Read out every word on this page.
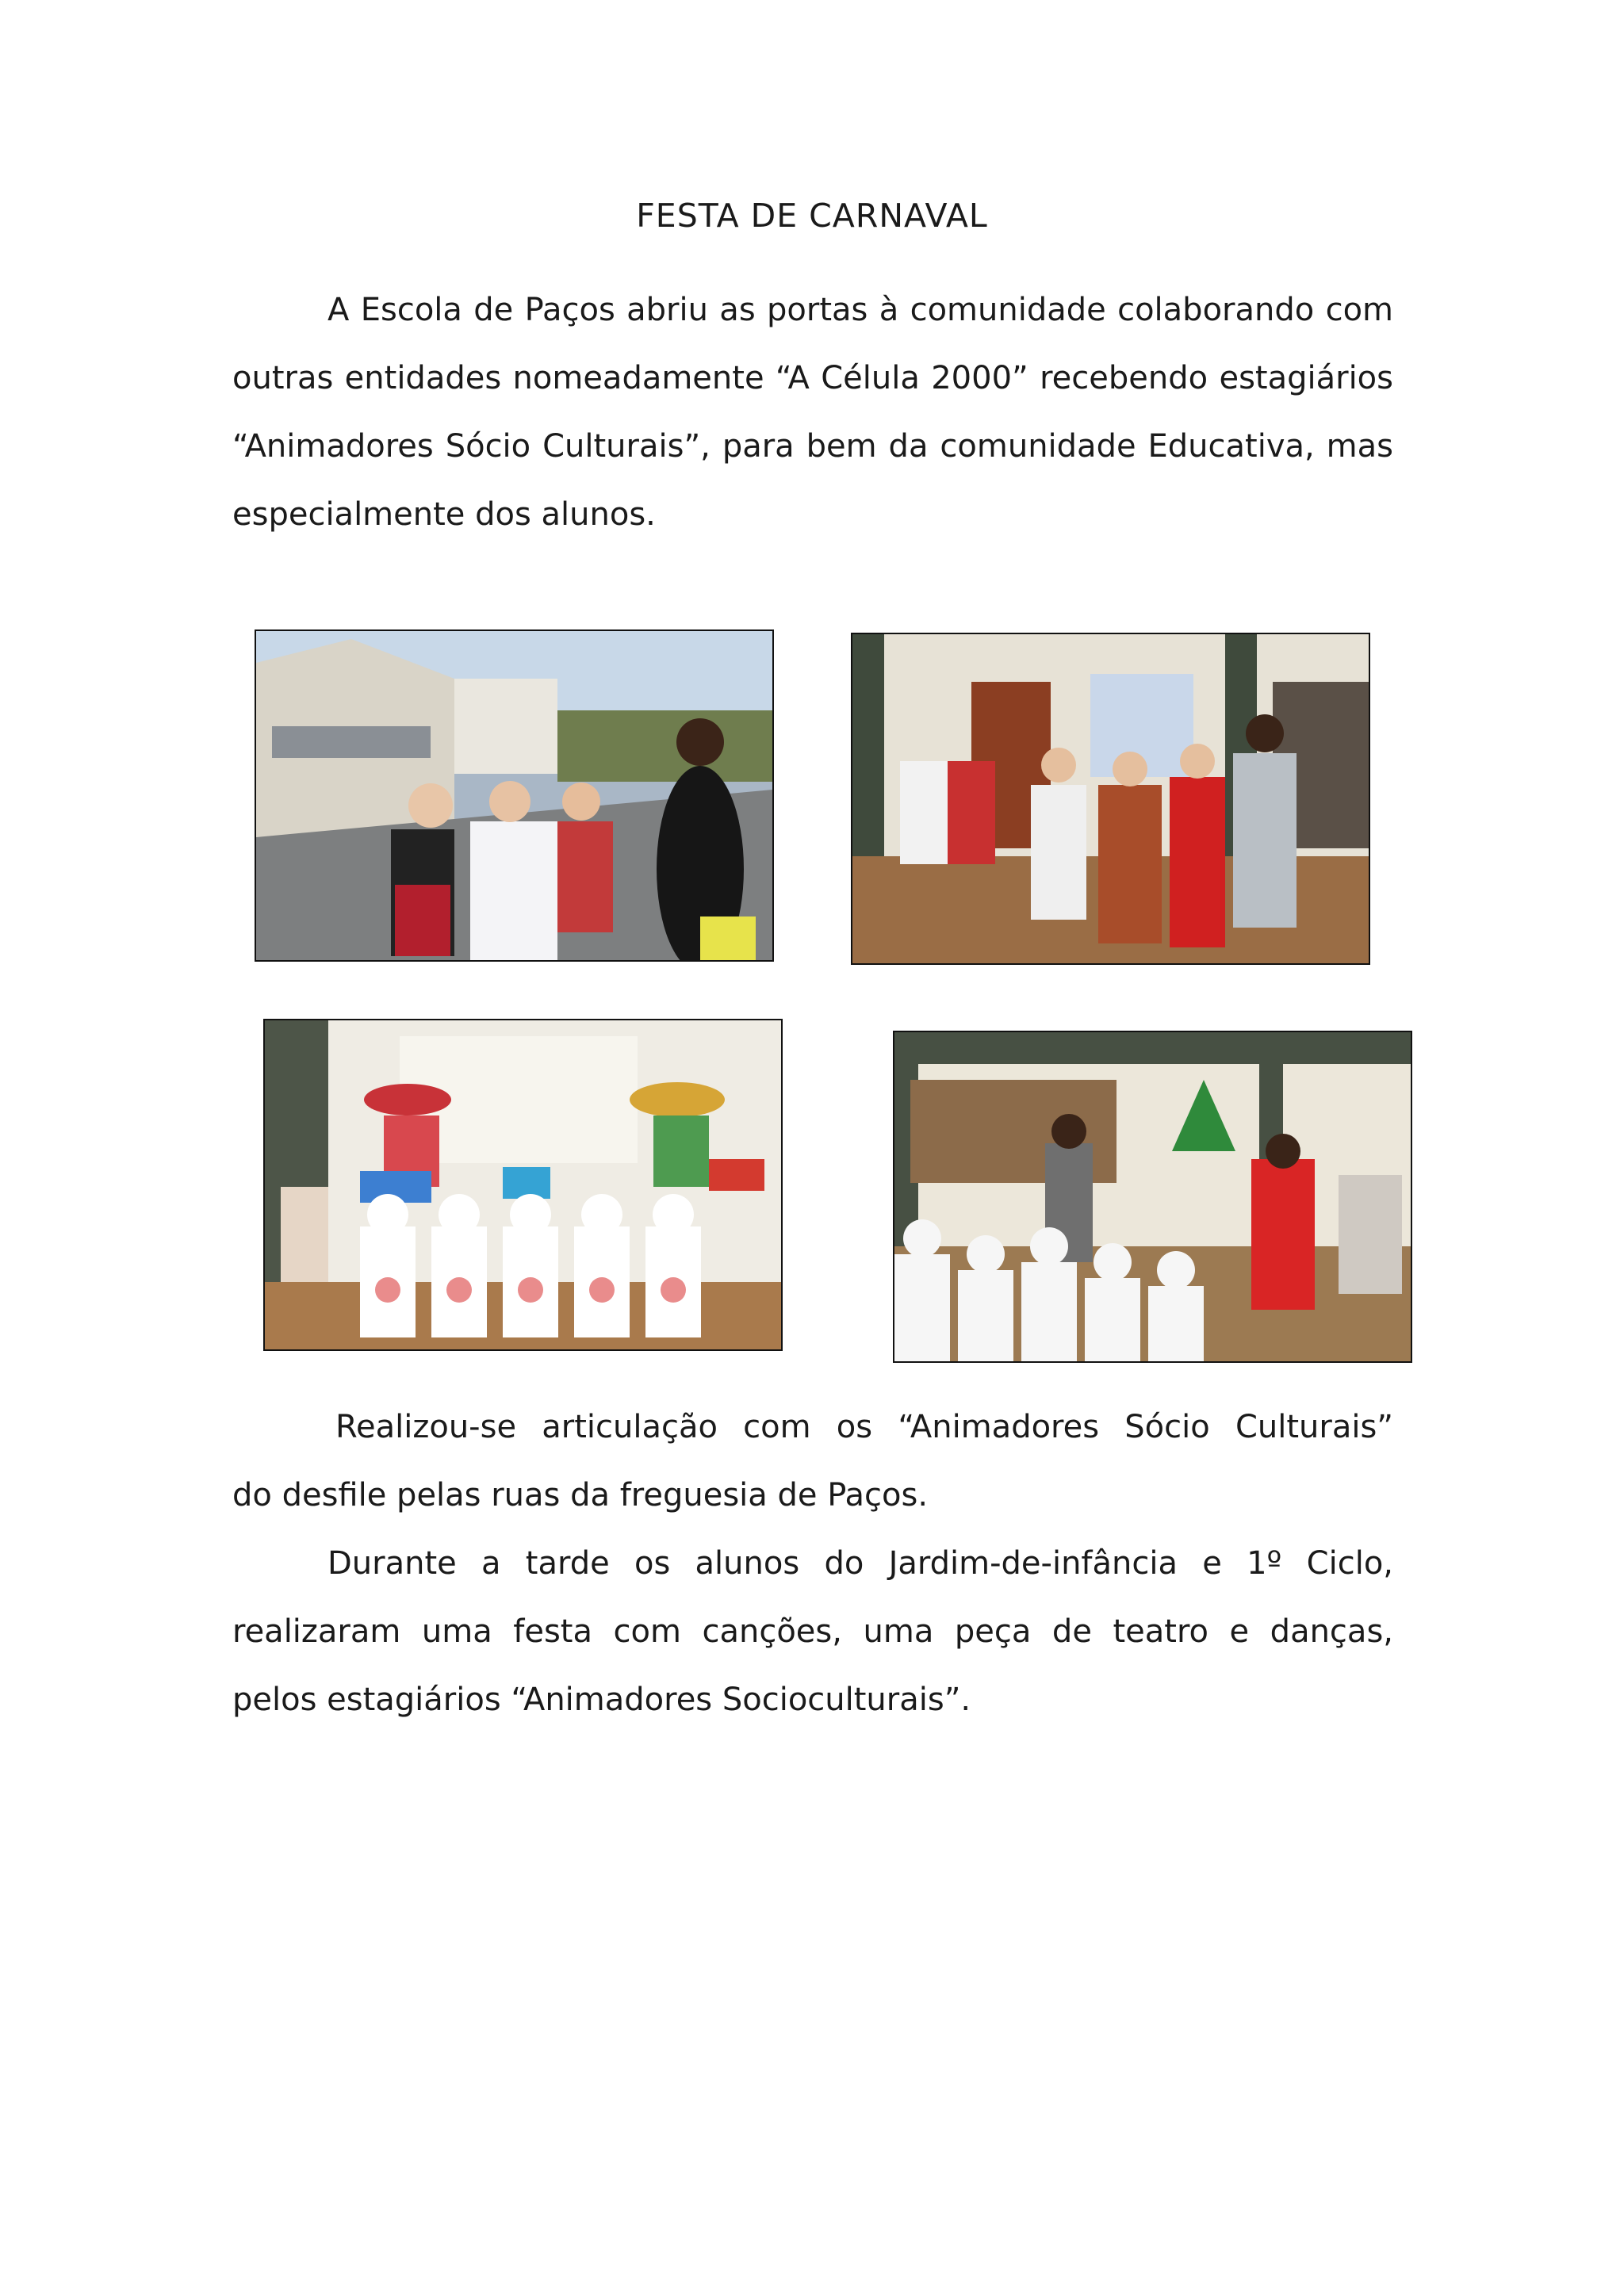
FESTA DE CARNAVAL
A Escola de Paços abriu as portas à comunidade colaborando com
outras entidades nomeadamente “A Célula 2000” recebendo estagiários
“Animadores Sócio Culturais”, para bem da comunidade Educativa, mas
especialmente dos alunos.
Realizou-se articulação com os “Animadores Sócio Culturais”
do desfile pelas ruas da freguesia de Paços.
Durante a tarde os alunos do Jardim-de-infância e 1º Ciclo,
realizaram uma festa com canções, uma peça de teatro e danças,
pelos estagiários “Animadores Socioculturais”.
